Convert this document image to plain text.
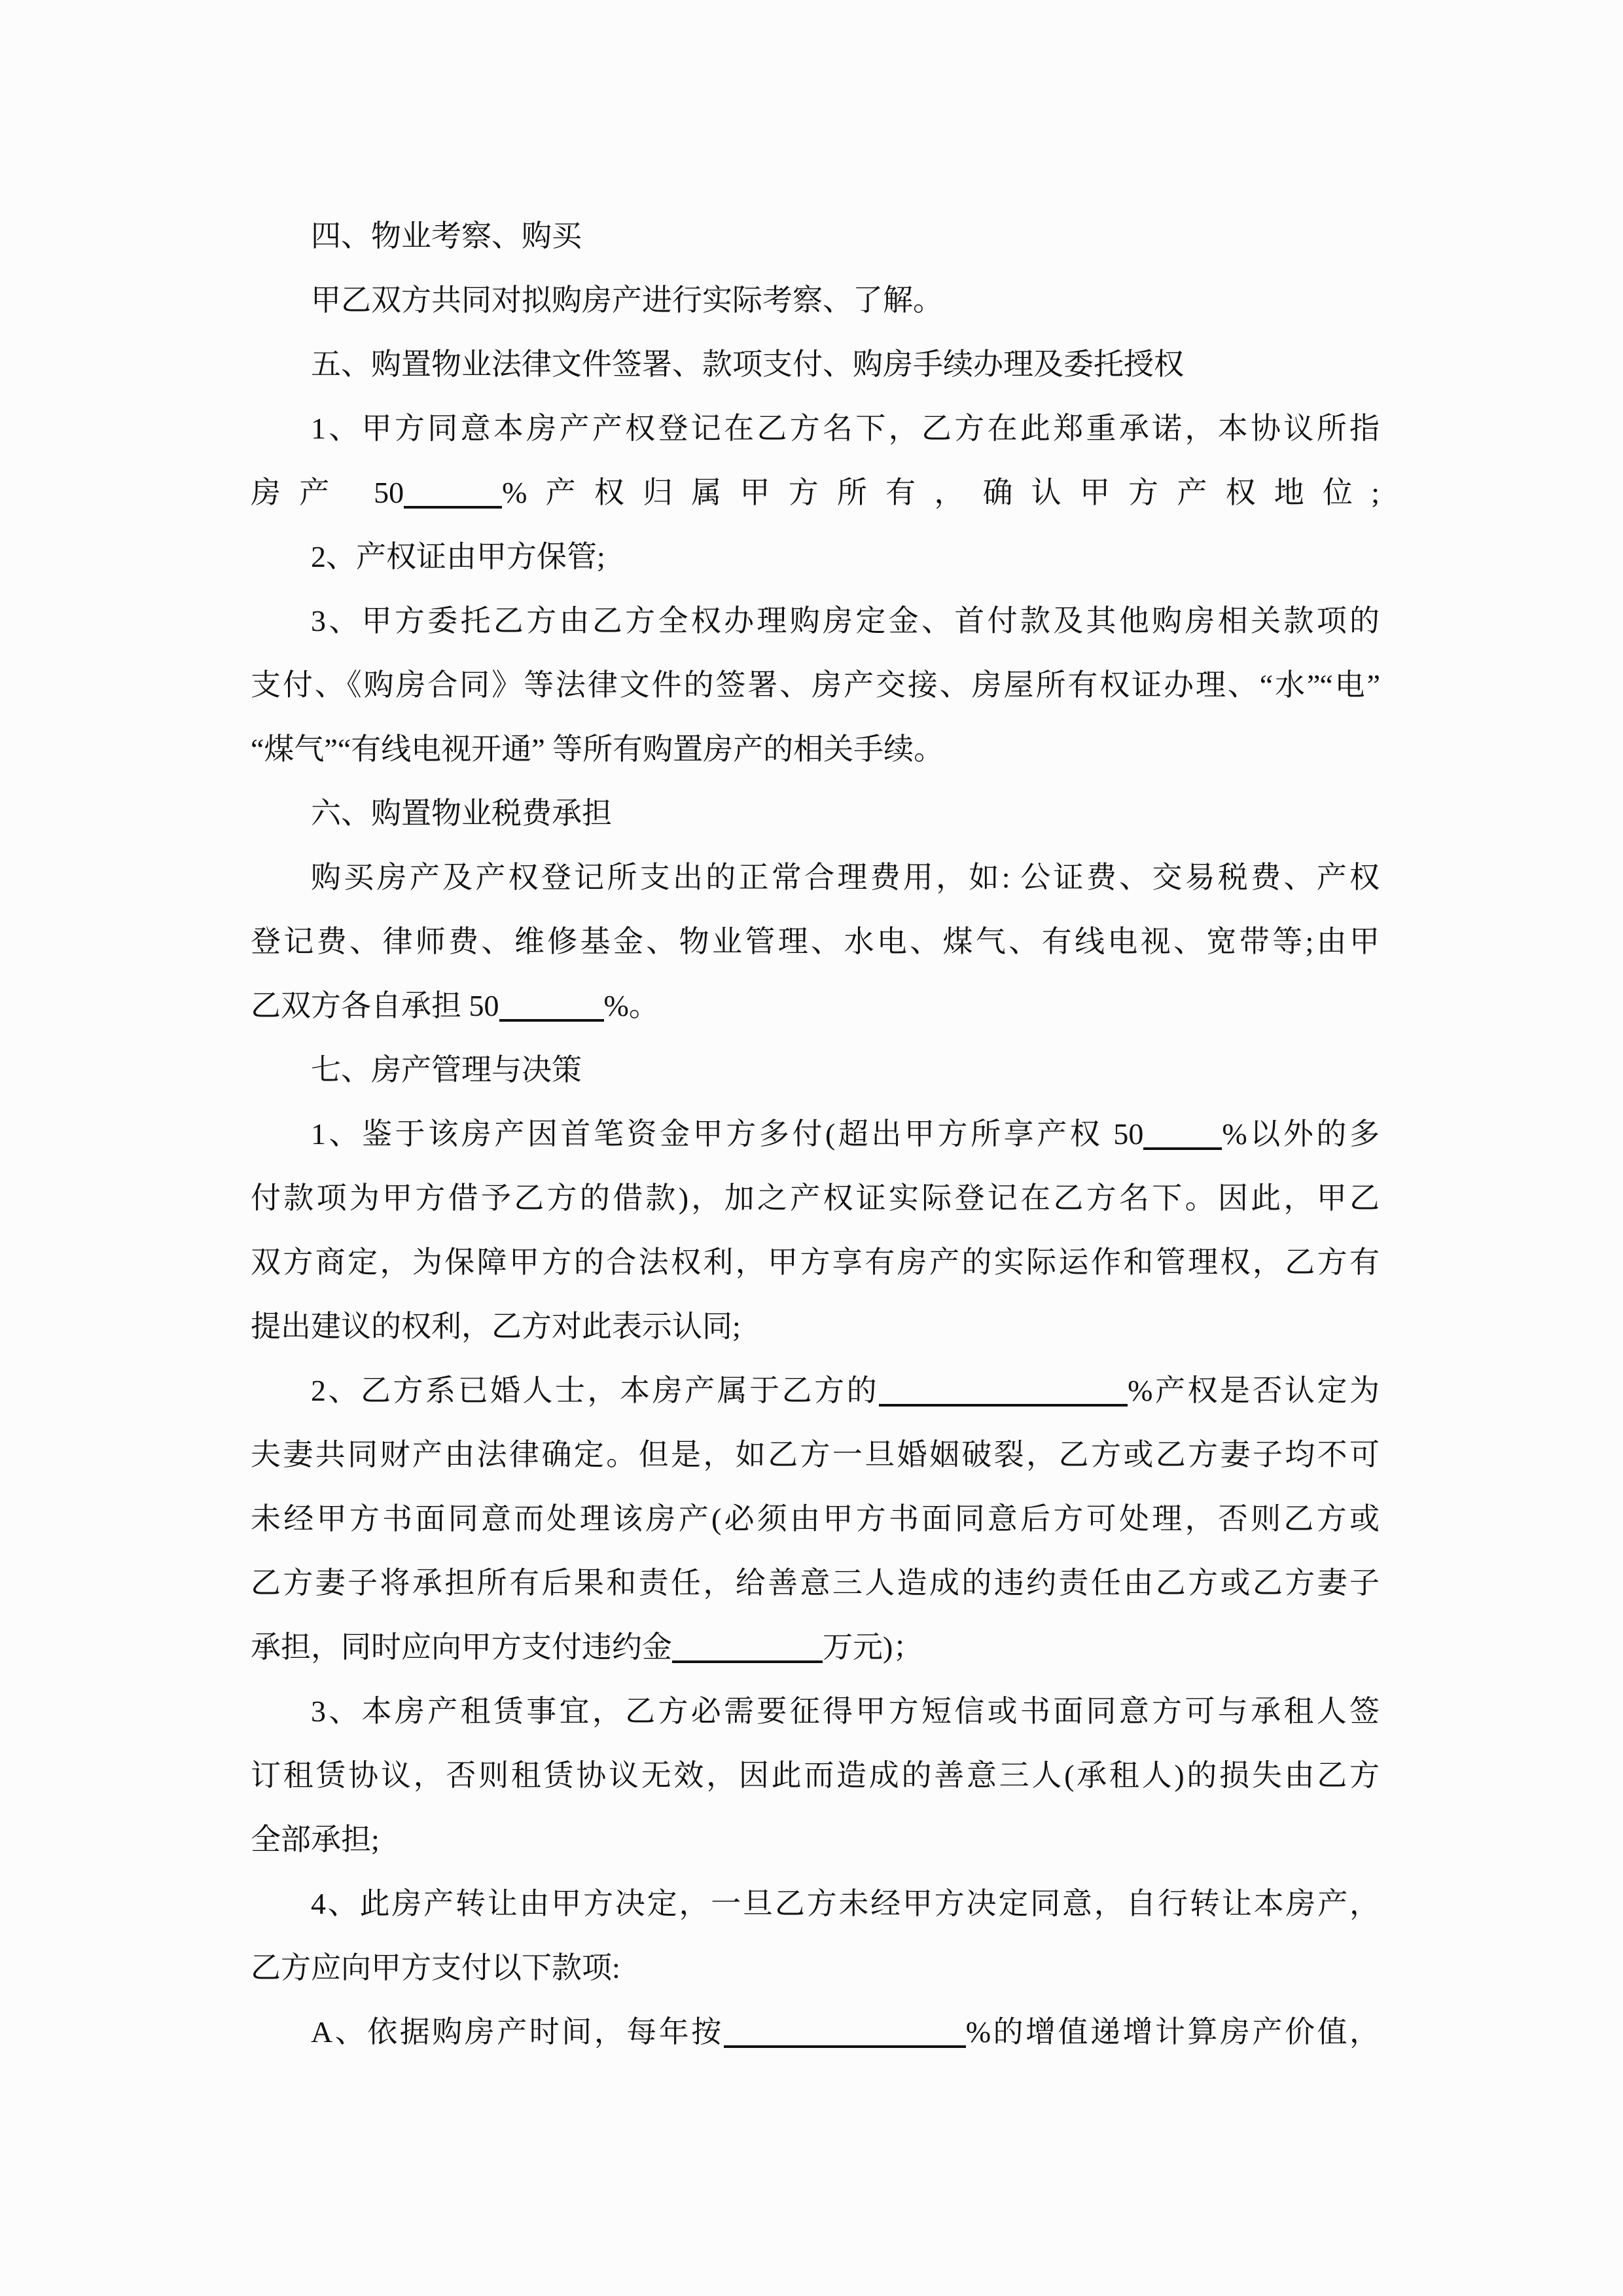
四、物业考察、购买
甲乙双方共同对拟购房产进行实际考察、了解。
五、购置物业法律文件签署、款项支付、购房手续办理及委托授权
1、甲方同意本房产产权登记在乙方名下，乙方在此郑重承诺，本协议所指
房产 50	%产权归属甲方所有，确认甲方产权地位;
2、产权证由甲方保管;
3、甲方委托乙方由乙方全权办理购房定金、首付款及其他购房相关款项的
支付、《购房合同》等法律文件的签署、房产交接、房屋所有权证办理、“水”“电”
“煤气”“有线电视开通” 等所有购置房产的相关手续。
六、购置物业税费承担
购买房产及产权登记所支出的正常合理费用，如: 公证费、交易税费、产权
登记费、律师费、维修基金、物业管理、水电、煤气、有线电视、宽带等;由甲
乙双方各自承担 50	%。
七、房产管理与决策
1、鉴于该房产因首笔资金甲方多付(超出甲方所享产权 50	%以外的多
付款项为甲方借予乙方的借款)，加之产权证实际登记在乙方名下。因此，甲乙
双方商定，为保障甲方的合法权利，甲方享有房产的实际运作和管理权，乙方有
提出建议的权利，乙方对此表示认同;
2、乙方系已婚人士，本房产属于乙方的	%产权是否认定为
夫妻共同财产由法律确定。但是，如乙方一旦婚姻破裂，乙方或乙方妻子均不可
未经甲方书面同意而处理该房产(必须由甲方书面同意后方可处理，否则乙方或
乙方妻子将承担所有后果和责任，给善意三人造成的违约责任由乙方或乙方妻子
承担，同时应向甲方支付违约金	万元)；
3、本房产租赁事宜，乙方必需要征得甲方短信或书面同意方可与承租人签
订租赁协议，否则租赁协议无效，因此而造成的善意三人(承租人)的损失由乙方
全部承担;
4、此房产转让由甲方决定，一旦乙方未经甲方决定同意，自行转让本房产，
乙方应向甲方支付以下款项:
A、依据购房产时间，每年按	%的增值递增计算房产价值，
